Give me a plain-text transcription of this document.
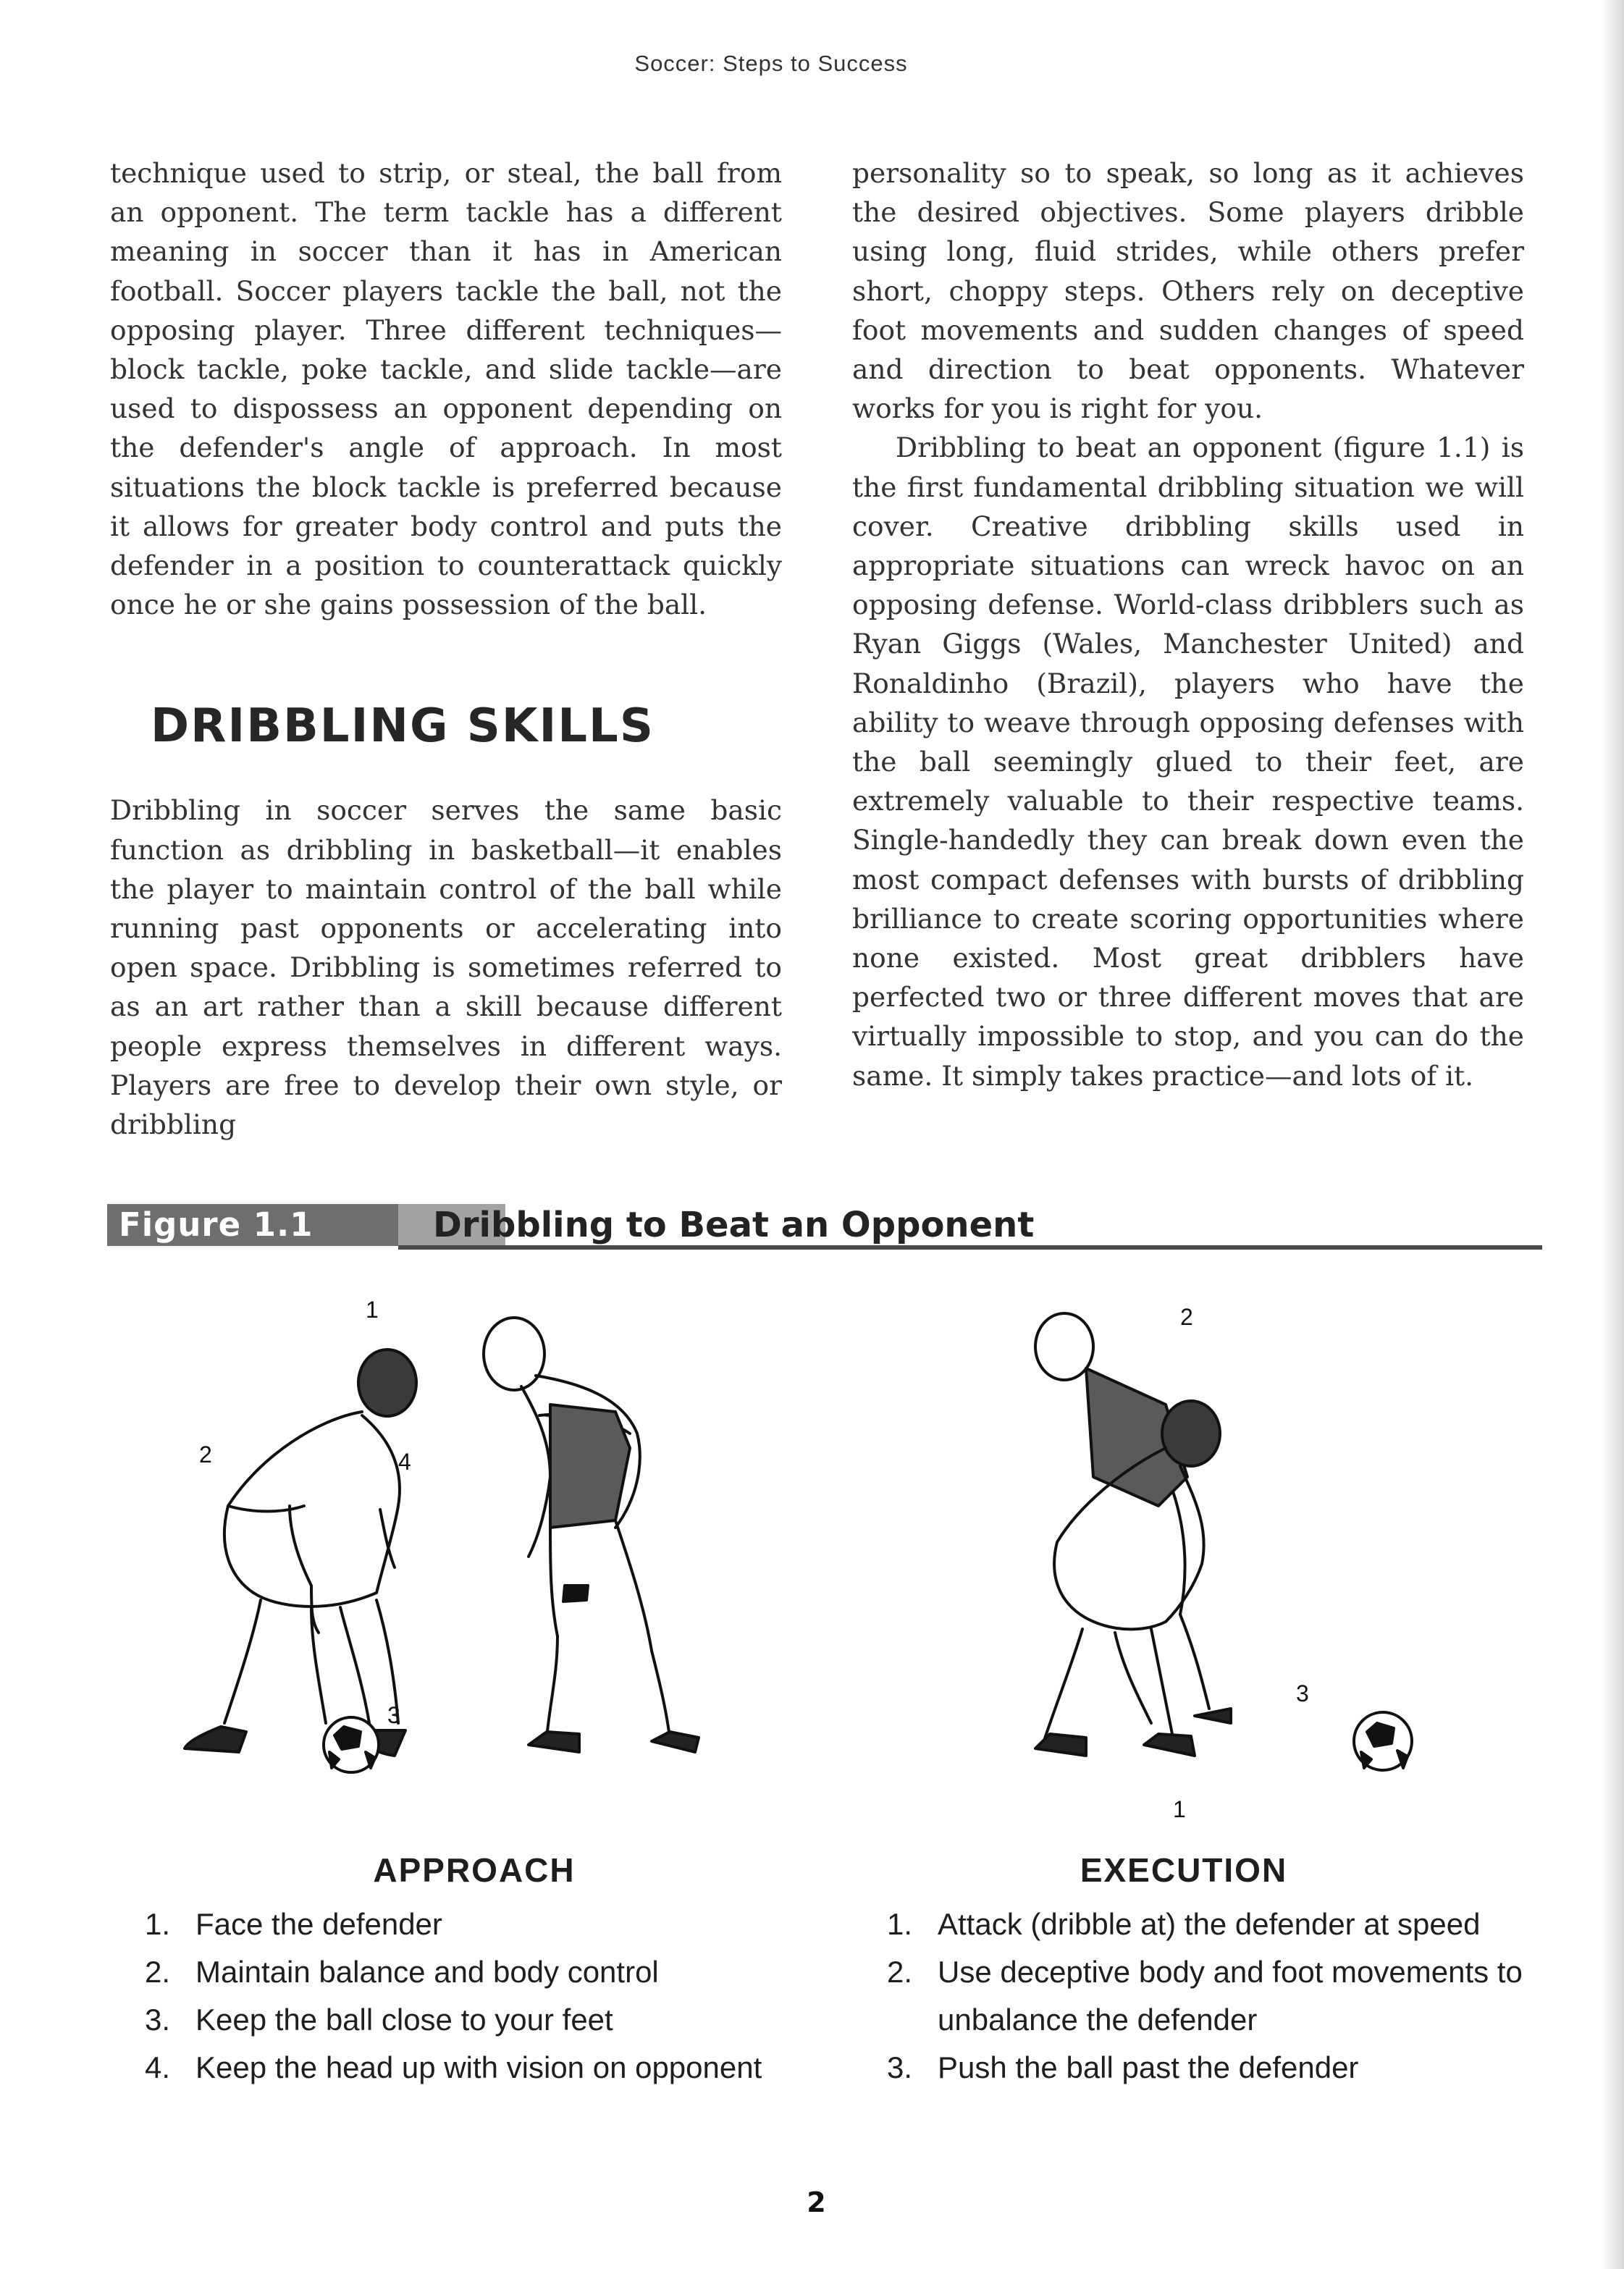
Soccer: Steps to Success

technique used to strip, or steal, the ball from an opponent. The term tackle has a different meaning in soccer than it has in American football. Soccer players tackle the ball, not the opposing player. Three different techniques—block tackle, poke tackle, and slide tackle—are used to dispossess an opponent depending on the defender's angle of approach. In most situations the block tackle is preferred because it allows for greater body control and puts the defender in a position to counterattack quickly once he or she gains possession of the ball.

DRIBBLING SKILLS

Dribbling in soccer serves the same basic function as dribbling in basketball—it enables the player to maintain control of the ball while running past opponents or accelerating into open space. Dribbling is sometimes referred to as an art rather than a skill because different people express themselves in different ways. Players are free to develop their own style, or dribbling

personality so to speak, so long as it achieves the desired objectives. Some players dribble using long, fluid strides, while others prefer short, choppy steps. Others rely on deceptive foot movements and sudden changes of speed and direction to beat opponents. Whatever works for you is right for you.

Dribbling to beat an opponent (figure 1.1) is the first fundamental dribbling situation we will cover. Creative dribbling skills used in appropriate situations can wreck havoc on an opposing defense. World-class dribblers such as Ryan Giggs (Wales, Manchester United) and Ronaldinho (Brazil), players who have the ability to weave through opposing defenses with the ball seemingly glued to their feet, are extremely valuable to their respective teams. Single-handedly they can break down even the most compact defenses with bursts of dribbling brilliance to create scoring opportunities where none existed. Most great dribblers have perfected two or three different moves that are virtually impossible to stop, and you can do the same. It simply takes practice—and lots of it.

Figure 1.1	Dribbling to Beat an Opponent
1
2
3
4
1
2
3
APPROACH
1. Face the defender
2. Maintain balance and body control
3. Keep the ball close to your feet
4. Keep the head up with vision on opponent
EXECUTION
1. Attack (dribble at) the defender at speed
2. Use deceptive body and foot movements to unbalance the defender
3. Push the ball past the defender
2
